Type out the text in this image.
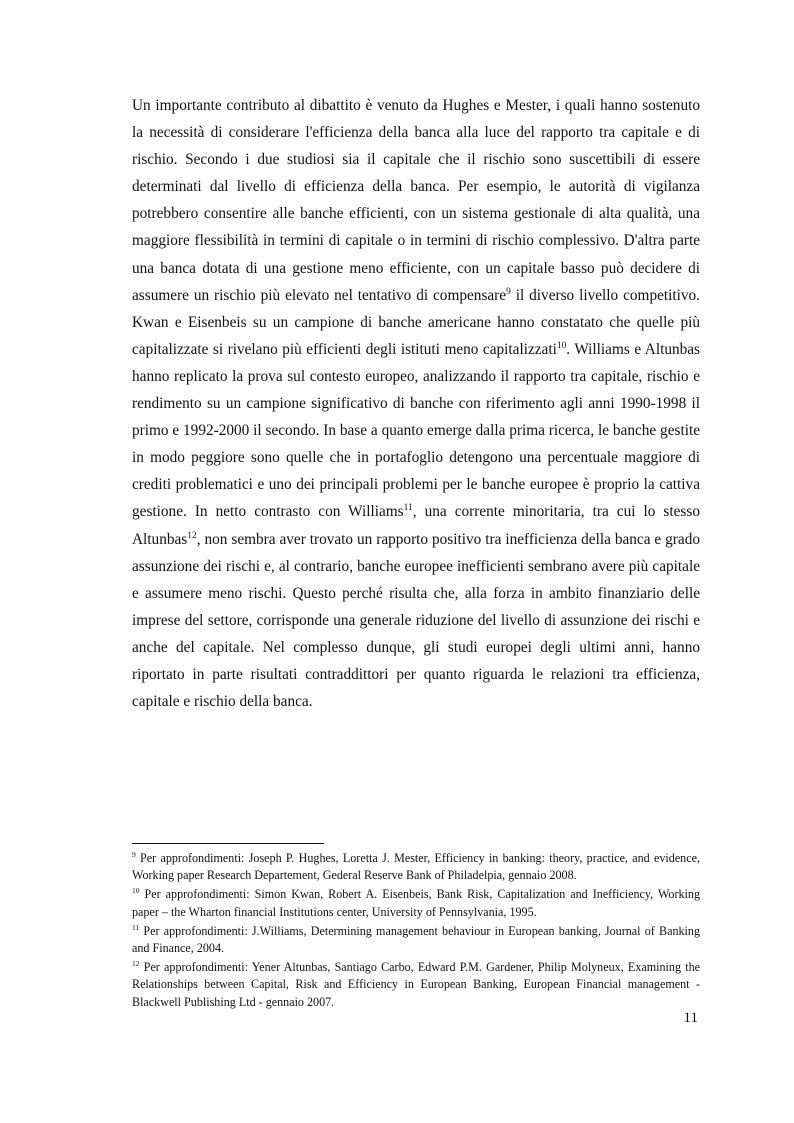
Un importante contributo al dibattito è venuto da Hughes e Mester, i quali hanno sostenuto la necessità di considerare l'efficienza della banca alla luce del rapporto tra capitale e di rischio. Secondo i due studiosi sia il capitale che il rischio sono suscettibili di essere determinati dal livello di efficienza della banca. Per esempio, le autorità di vigilanza potrebbero consentire alle banche efficienti, con un sistema gestionale di alta qualità, una maggiore flessibilità in termini di capitale o in termini di rischio complessivo. D'altra parte una banca dotata di una gestione meno efficiente, con un capitale basso può decidere di assumere un rischio più elevato nel tentativo di compensare$^9$ il diverso livello competitivo. Kwan e Eisenbeis su un campione di banche americane hanno constatato che quelle più capitalizzate si rivelano più efficienti degli istituti meno capitalizzati$^{10}$. Williams e Altunbas hanno replicato la prova sul contesto europeo, analizzando il rapporto tra capitale, rischio e rendimento su un campione significativo di banche con riferimento agli anni 1990-1998 il primo e 1992-2000 il secondo. In base a quanto emerge dalla prima ricerca, le banche gestite in modo peggiore sono quelle che in portafoglio detengono una percentuale maggiore di crediti problematici e uno dei principali problemi per le banche europee è proprio la cattiva gestione. In netto contrasto con Williams$^{11}$, una corrente minoritaria, tra cui lo stesso Altunbas$^{12}$, non sembra aver trovato un rapporto positivo tra inefficienza della banca e grado assunzione dei rischi e, al contrario, banche europee inefficienti sembrano avere più capitale e assumere meno rischi. Questo perché risulta che, alla forza in ambito finanziario delle imprese del settore, corrisponde una generale riduzione del livello di assunzione dei rischi e anche del capitale. Nel complesso dunque, gli studi europei degli ultimi anni, hanno riportato in parte risultati contraddittori per quanto riguarda le relazioni tra efficienza, capitale e rischio della banca.

$^9$ Per approfondimenti: Joseph P. Hughes, Loretta J. Mester, Efficiency in banking: theory, practice, and evidence, Working paper Research Departement, Gederal Reserve Bank of Philadelpia, gennaio 2008.

$^{10}$ Per approfondimenti: Simon Kwan, Robert A. Eisenbeis, Bank Risk, Capitalization and Inefficiency, Working paper – the Wharton financial Institutions center, University of Pennsylvania, 1995.

$^{11}$ Per approfondimenti: J.Williams, Determining management behaviour in European banking, Journal of Banking and Finance, 2004.

$^{12}$ Per approfondimenti: Yener Altunbas, Santiago Carbo, Edward P.M. Gardener, Philip Molyneux, Examining the Relationships between Capital, Risk and Efficiency in European Banking, European Financial management - Blackwell Publishing Ltd - gennaio 2007.

11
